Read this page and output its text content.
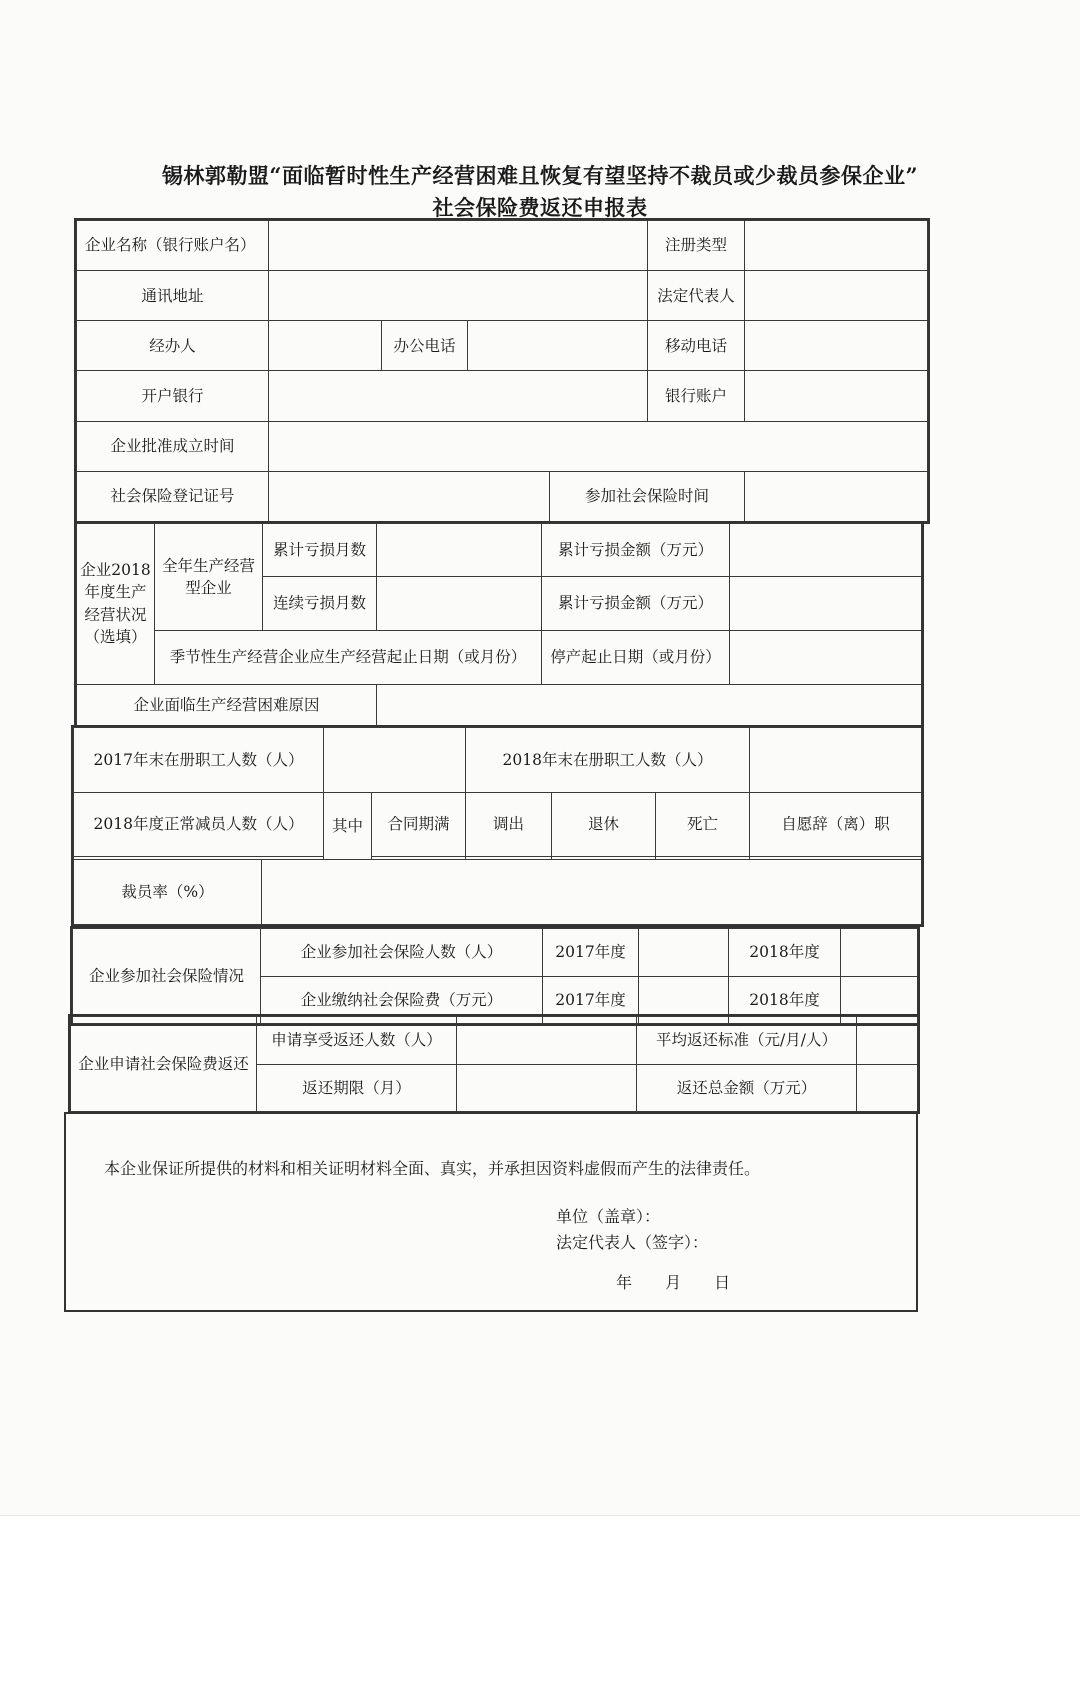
锡林郭勒盟“面临暂时性生产经营困难且恢复有望坚持不裁员或少裁员参保企业”
社会保险费返还申报表
企业名称（银行账户名）					注册类型	
通讯地址					法定代表人	
经办人		办公电话			移动电话	
开户银行					银行账户	
企业批准成立时间						
社会保险登记证号				参加社会保险时间		
企业2018年度生产经营状况（选填）	全年生产经营型企业	累计亏损月数		累计亏损金额（万元）	
		连续亏损月数		累计亏损金额（万元）	
	季节性生产经营企业应生产经营起止日期（或月份）			停产起止日期（或月份）	
企业面临生产经营困难原因					
2017年末在册职工人数（人）				2018年末在册职工人数（人）			
2018年度正常减员人数（人）		其中	合同期满	调出	退休	死亡	自愿辞（离）职

裁员率（%）							
企业参加社会保险情况	企业参加社会保险人数（人）	2017年度		2018年度	
	企业缴纳社会保险费（万元）	2017年度		2018年度	
企业申请社会保险费返还	申请享受返还人数（人）		平均返还标准（元/月/人）	
	返还期限（月）		返还总金额（万元）	
本企业保证所提供的材料和相关证明材料全面、真实，并承担因资料虚假而产生的法律责任。
单位（盖章）：
法定代表人（签字）：
年 月 日
